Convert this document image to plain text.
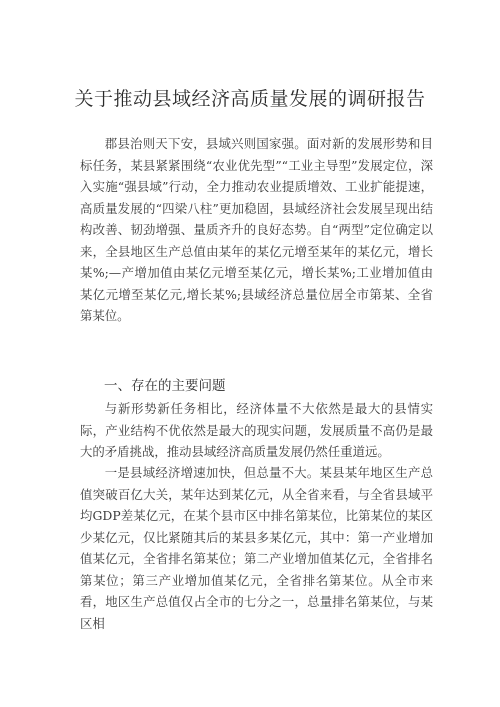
关于推动县域经济高质量发展的调研报告
郡县治则天下安，县域兴则国家强。面对新的发展形势和目标任务，某县紧紧围绕“农业优先型”“工业主导型”发展定位，深入实施“强县域”行动，全力推动农业提质增效、工业扩能提速，高质量发展的“四梁八柱”更加稳固，县域经济社会发展呈现出结构改善、韧劲增强、量质齐升的良好态势。自“两型”定位确定以来，全县地区生产总值由某年的某亿元增至某年的某亿元，增长某%;—产增加值由某亿元增至某亿元，增长某%;工业增加值由某亿元增至某亿元,增长某%;县域经济总量位居全市第某、全省第某位。
一、存在的主要问题
与新形势新任务相比，经济体量不大依然是最大的县情实际，产业结构不优依然是最大的现实问题，发展质量不高仍是最大的矛盾挑战，推动县域经济高质量发展仍然任重道远。
一是县域经济增速加快，但总量不大。某县某年地区生产总值突破百亿大关，某年达到某亿元，从全省来看，与全省县域平均GDP差某亿元，在某个县市区中排名第某位，比第某位的某区少某亿元，仅比紧随其后的某县多某亿元，其中：第一产业增加值某亿元，全省排名第某位；第二产业增加值某亿元，全省排名第某位；第三产业增加值某亿元，全省排名第某位。从全市来看，地区生产总值仅占全市的七分之一，总量排名第某位，与某区相
